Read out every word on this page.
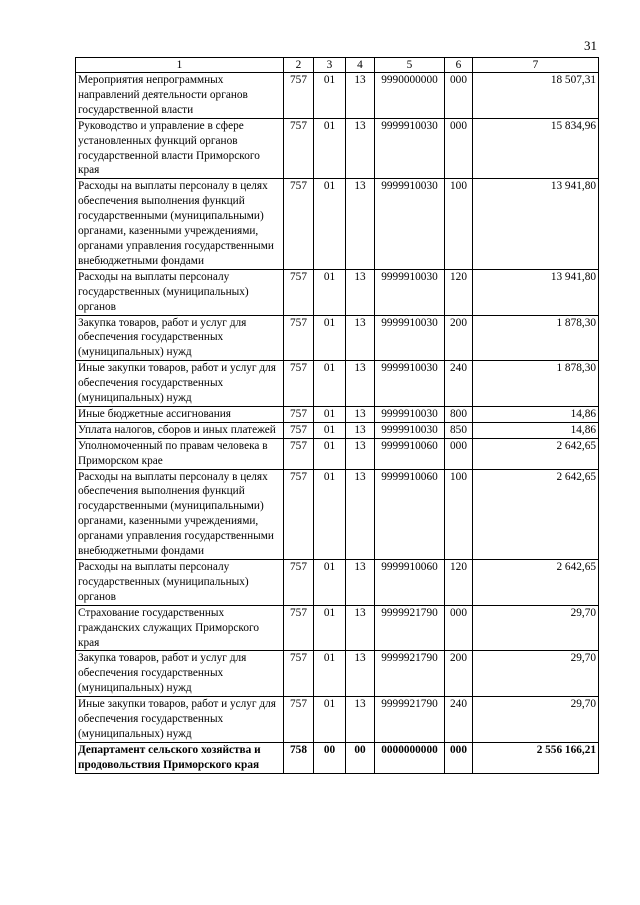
31
1	2	3	4	5	6	7
Мероприятия непрограммных направлений деятельности органов государственной власти	757	01	13	9990000000	000	18 507,31
Руководство и управление в сфере установленных функций органов государственной власти Приморского края	757	01	13	9999910030	000	15 834,96
Расходы на выплаты персоналу в целях обеспечения выполнения функций государственными (муниципальными) органами, казенными учреждениями, органами управления государственными внебюджетными фондами	757	01	13	9999910030	100	13 941,80
Расходы на выплаты персоналу государственных (муниципальных) органов	757	01	13	9999910030	120	13 941,80
Закупка товаров, работ и услуг для обеспечения государственных (муниципальных) нужд	757	01	13	9999910030	200	1 878,30
Иные закупки товаров, работ и услуг для обеспечения государственных (муниципальных) нужд	757	01	13	9999910030	240	1 878,30
Иные бюджетные ассигнования	757	01	13	9999910030	800	14,86
Уплата налогов, сборов и иных платежей	757	01	13	9999910030	850	14,86
Уполномоченный по правам человека в Приморском крае	757	01	13	9999910060	000	2 642,65
Расходы на выплаты персоналу в целях обеспечения выполнения функций государственными (муниципальными) органами, казенными учреждениями, органами управления государственными внебюджетными фондами	757	01	13	9999910060	100	2 642,65
Расходы на выплаты персоналу государственных (муниципальных) органов	757	01	13	9999910060	120	2 642,65
Страхование государственных гражданских служащих Приморского края	757	01	13	9999921790	000	29,70
Закупка товаров, работ и услуг для обеспечения государственных (муниципальных) нужд	757	01	13	9999921790	200	29,70
Иные закупки товаров, работ и услуг для обеспечения государственных (муниципальных) нужд	757	01	13	9999921790	240	29,70
Департамент сельского хозяйства и продовольствия Приморского края	758	00	00	0000000000	000	2 556 166,21
